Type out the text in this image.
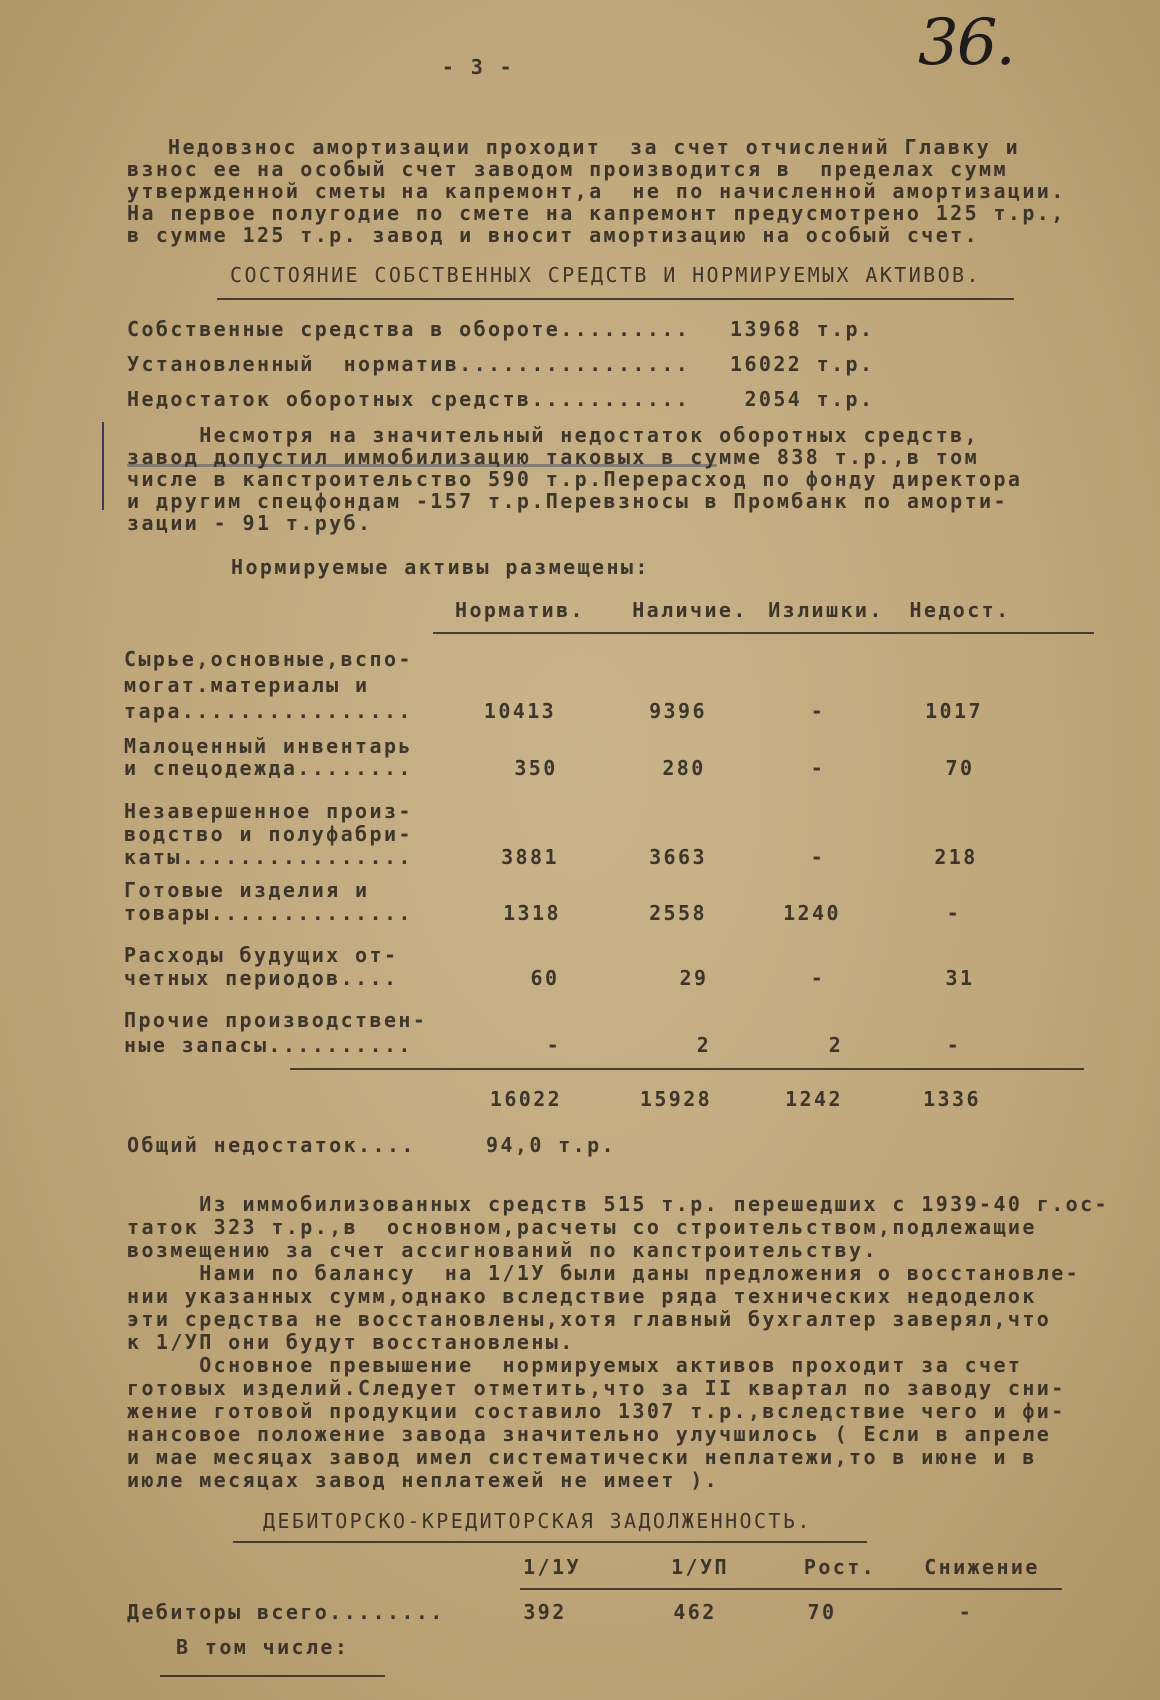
- 3 -	36.
Недовзнос амортизации проходит  за счет отчислений Главку и
взнос ее на особый счет заводом производится в  пределах сумм
утвержденной сметы на капремонт,а  не по начисленной амортизации.
На первое полугодие по смете на капремонт предусмотрено 125 т.р.,
в сумме 125 т.р. завод и вносит амортизацию на особый счет.
СОСТОЯНИЕ СОБСТВЕННЫХ СРЕДСТВ И НОРМИРУЕМЫХ АКТИВОВ.
Собственные средства в обороте......... 13968 т.р.
Установленный  норматив................ 16022 т.р.
Недостаток оборотных средств........... 2054 т.р.
Несмотря на значительный недостаток оборотных средств,
завод допустил иммобилизацию таковых в сумме 838 т.р.,в том
числе в капстроительство 590 т.р.Перерасход по фонду директора
и другим спецфондам -157 т.р.Перевзносы в Промбанк по аморти-
зации - 91 т.руб.
Нормируемые активы размещены:
Норматив. Наличие. Излишки. Недост.
Сырье,основные,вспо-
могат.материалы и
тара................	10413	9396	-	1017
Малоценный инвентарь
и спецодежда........	350	280	-	70
Незавершенное произ-
водство и полуфабри-
каты................	3881	3663	-	218
Готовые изделия и
товары..............	1318	2558	1240	-
Расходы будущих от-
четных периодов....	60	29	-	31
Прочие производствен-
ные запасы..........	-	2	2	-
16022	15928	1242	1336
Общий недостаток....	94,0 т.р.
Из иммобилизованных средств 515 т.р. перешедших с 1939-40 г.ос-
таток 323 т.р.,в  основном,расчеты со строительством,подлежащие
возмещению за счет ассигнований по капстроительству.
Нами по балансу  на 1/1У были даны предложения о восстановле-
нии указанных сумм,однако вследствие ряда технических недоделок
эти средства не восстановлены,хотя главный бухгалтер заверял,что
к 1/УП они будут восстановлены.
Основное превышение  нормируемых активов проходит за счет
готовых изделий.Следует отметить,что за II квартал по заводу сни-
жение готовой продукции составило 1307 т.р.,вследствие чего и фи-
нансовое положение завода значительно улучшилось ( Если в апреле
и мае месяцах завод имел систематически неплатежи,то в июне и в
июле месяцах завод неплатежей не имеет ).
ДЕБИТОРСКО-КРЕДИТОРСКАЯ ЗАДОЛЖЕННОСТЬ.
1/1У	1/УП	Рост. Снижение
Дебиторы всего........	392	462	70	-
В том числе:
